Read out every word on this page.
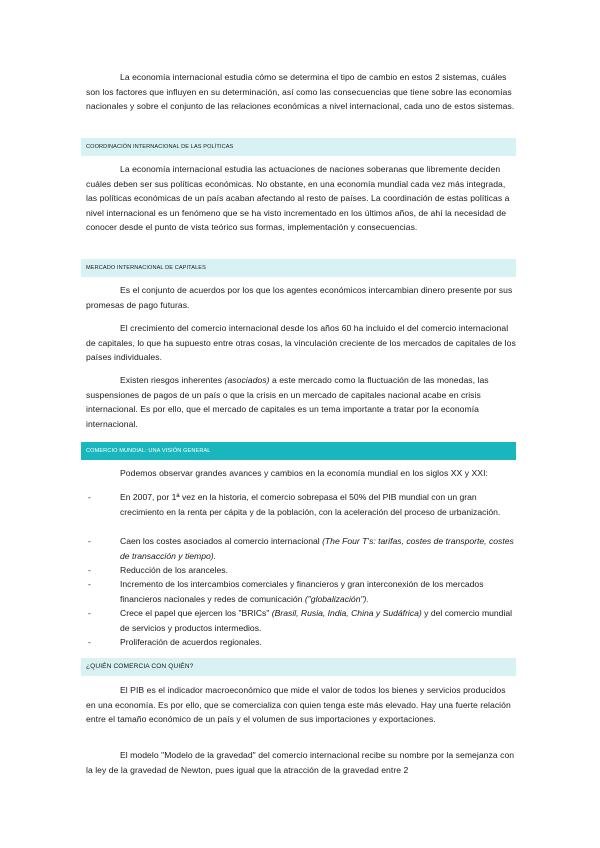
La economía internacional estudia cómo se determina el tipo de cambio en estos 2 sistemas, cuáles son los factores que influyen en su determinación, así como las consecuencias que tiene sobre las economías nacionales y sobre el conjunto de las relaciones económicas a nivel internacional, cada uno de estos sistemas.
COORDINACIÓN INTERNACIONAL DE LAS POLÍTICAS
La economía internacional estudia las actuaciones de naciones soberanas que libremente deciden cuáles deben ser sus políticas económicas. No obstante, en una economía mundial cada vez más integrada, las políticas económicas de un país acaban afectando al resto de países. La coordinación de estas políticas a nivel internacional es un fenómeno que se ha visto incrementado en los últimos años, de ahí la necesidad de conocer desde el punto de vista teórico sus formas, implementación y consecuencias.
MERCADO INTERNACIONAL DE CAPITALES
Es el conjunto de acuerdos por los que los agentes económicos intercambian dinero presente por sus promesas de pago futuras.
El crecimiento del comercio internacional desde los años 60 ha incluido el del comercio internacional de capitales, lo que ha supuesto entre otras cosas, la vinculación creciente de los mercados de capitales de los países individuales.
Existen riesgos inherentes (asociados) a este mercado como la fluctuación de las monedas, las suspensiones de pagos de un país o que la crisis en un mercado de capitales nacional acabe en crisis internacional. Es por ello, que el mercado de capitales es un tema importante a tratar por la economía internacional.
COMERCIO MUNDIAL: UNA VISIÓN GENERAL
Podemos observar grandes avances y cambios en la economía mundial en los siglos XX y XXI:
-	En 2007, por 1ª vez en la historia, el comercio sobrepasa el 50% del PIB mundial con un gran crecimiento en la renta per cápita y de la población, con la aceleración del proceso de urbanización.
-	Caen los costes asociados al comercio internacional (The Four T's: tarifas, costes de transporte, costes de transacción y tiempo).
-	Reducción de los aranceles.
-	Incremento de los intercambios comerciales y financieros y gran interconexión de los mercados financieros nacionales y redes de comunicación ("globalización").
-	Crece el papel que ejercen los "BRICs" (Brasil, Rusia, India, China y Sudáfrica) y del comercio mundial de servicios y productos intermedios.
-	Proliferación de acuerdos regionales.
¿QUIÉN COMERCIA CON QUIÉN?
El PIB es el indicador macroeconómico que mide el valor de todos los bienes y servicios producidos en una economía. Es por ello, que se comercializa con quien tenga este más elevado. Hay una fuerte relación entre el tamaño económico de un país y el volumen de sus importaciones y exportaciones.
El modelo "Modelo de la gravedad" del comercio internacional recibe su nombre por la semejanza con la ley de la gravedad de Newton, pues igual que la atracción de la gravedad entre 2
